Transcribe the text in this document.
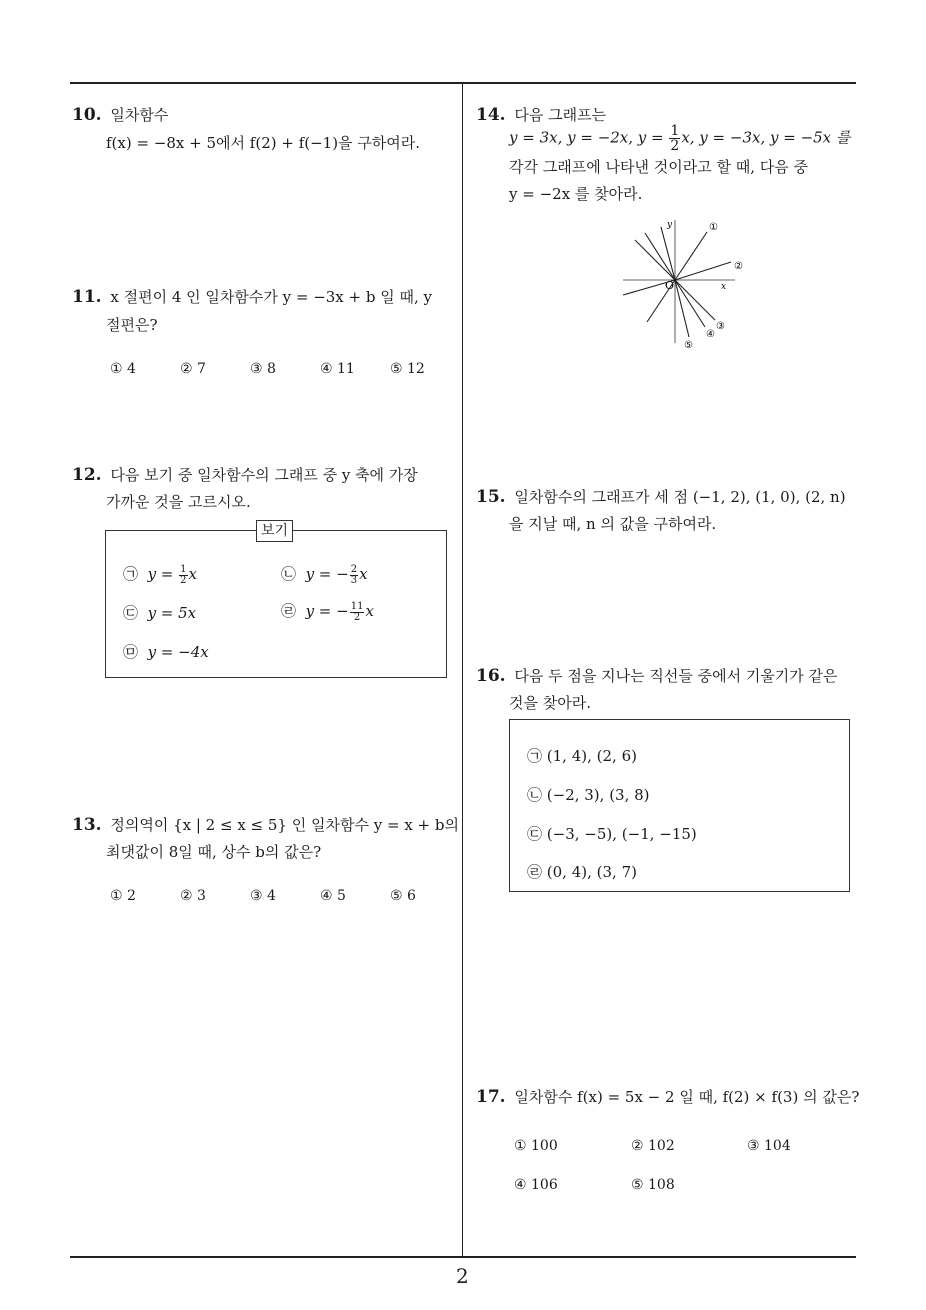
10. 일차함수
f(x) = −8x + 5에서 f(2) + f(−1)을 구하여라.
11. x 절편이 4 인 일차함수가 y = −3x + b 일 때, y
절편은?
① 4	② 7	③ 8	④ 11	⑤ 12
12. 다음 보기 중 일차함수의 그래프 중 y 축에 가장
가까운 것을 고르시오.
보기
㉠ $y = \frac{1}{2}$ x	㉡ y = − $\frac{2}{3}$ x
㉢ y = 5x	㉣ y = − $\frac{11}{2}$ x
㉤ y = −4x
13. 정의역이 {x | 2 ≤ x ≤ 5} 인 일차함수 y = x + b의
최댓값이 8일 때, 상수 b의 값은?
① 2	② 3	③ 4	④ 5	⑤ 6
14. 다음 그래프는
y = 3x, y = −2x, $y = \frac{1}{2} x$, y = −3x, y = −5x 를
각각 그래프에 나타낸 것이라고 할 때, 다음 중
y = −2x 를 찾아라.
y
x
O
①
②
③
④
⑤
15. 일차함수의 그래프가 세 점 (−1, 2), (1, 0), (2, n)
을 지날 때, n 의 값을 구하여라.
16. 다음 두 점을 지나는 직선들 중에서 기울기가 같은
것을 찾아라.
㉠ (1, 4), (2, 6)
㉡ (−2, 3), (3, 8)
㉢ (−3, −5), (−1, −15)
㉣ (0, 4), (3, 7)
17. 일차함수 f(x) = 5x − 2 일 때, f(2) × f(3) 의 값은?
① 100	② 102	③ 104
④ 106	⑤ 108
2
